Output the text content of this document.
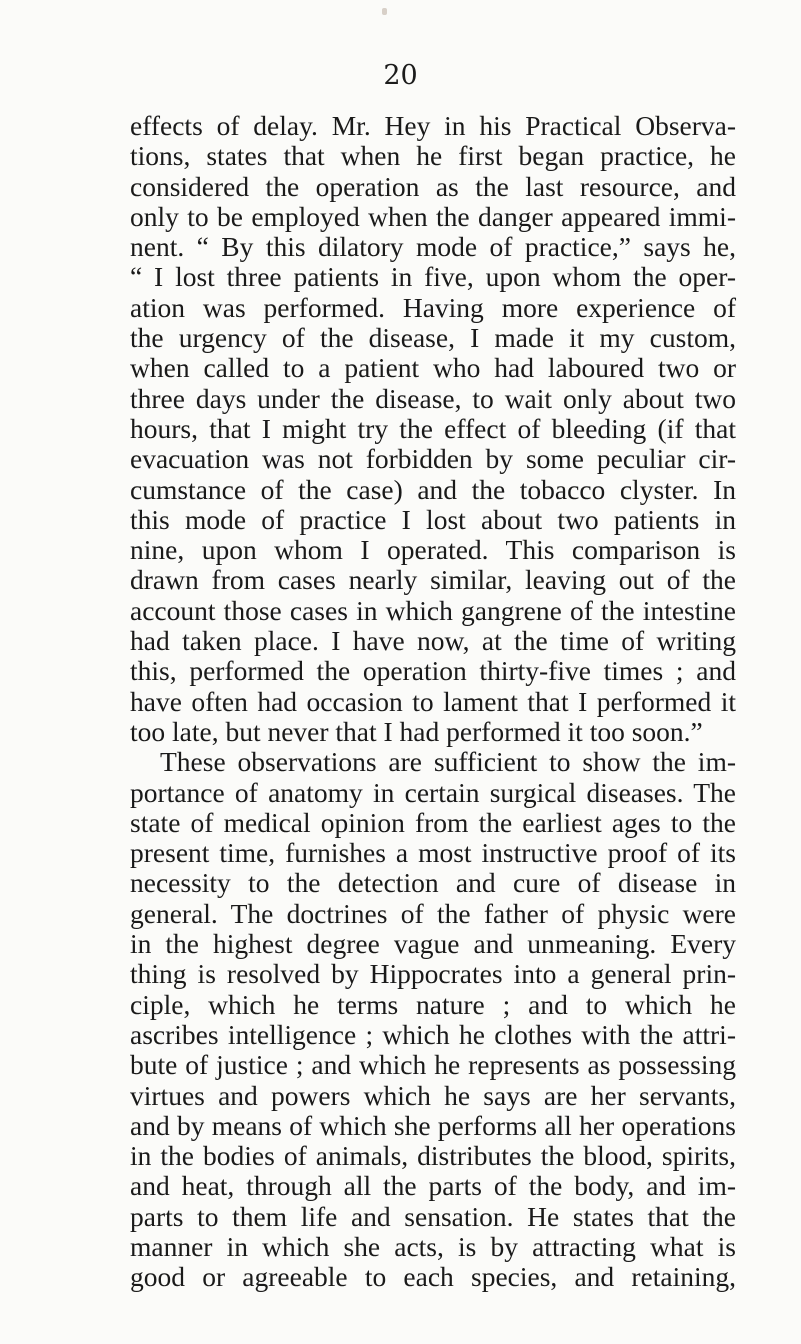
20
effects of delay. Mr. Hey in his Practical Observa-
tions, states that when he first began practice, he
considered the operation as the last resource, and
only to be employed when the danger appeared immi-
nent. “ By this dilatory mode of practice,” says he,
“ I lost three patients in five, upon whom the oper-
ation was performed. Having more experience of
the urgency of the disease, I made it my custom,
when called to a patient who had laboured two or
three days under the disease, to wait only about two
hours, that I might try the effect of bleeding (if that
evacuation was not forbidden by some peculiar cir-
cumstance of the case) and the tobacco clyster. In
this mode of practice I lost about two patients in
nine, upon whom I operated. This comparison is
drawn from cases nearly similar, leaving out of the
account those cases in which gangrene of the intestine
had taken place. I have now, at the time of writing
this, performed the operation thirty-five times ; and
have often had occasion to lament that I performed it
too late, but never that I had performed it too soon.”
These observations are sufficient to show the im-
portance of anatomy in certain surgical diseases. The
state of medical opinion from the earliest ages to the
present time, furnishes a most instructive proof of its
necessity to the detection and cure of disease in
general. The doctrines of the father of physic were
in the highest degree vague and unmeaning. Every
thing is resolved by Hippocrates into a general prin-
ciple, which he terms nature ; and to which he
ascribes intelligence ; which he clothes with the attri-
bute of justice ; and which he represents as possessing
virtues and powers which he says are her servants,
and by means of which she performs all her operations
in the bodies of animals, distributes the blood, spirits,
and heat, through all the parts of the body, and im-
parts to them life and sensation. He states that the
manner in which she acts, is by attracting what is
good or agreeable to each species, and retaining,
